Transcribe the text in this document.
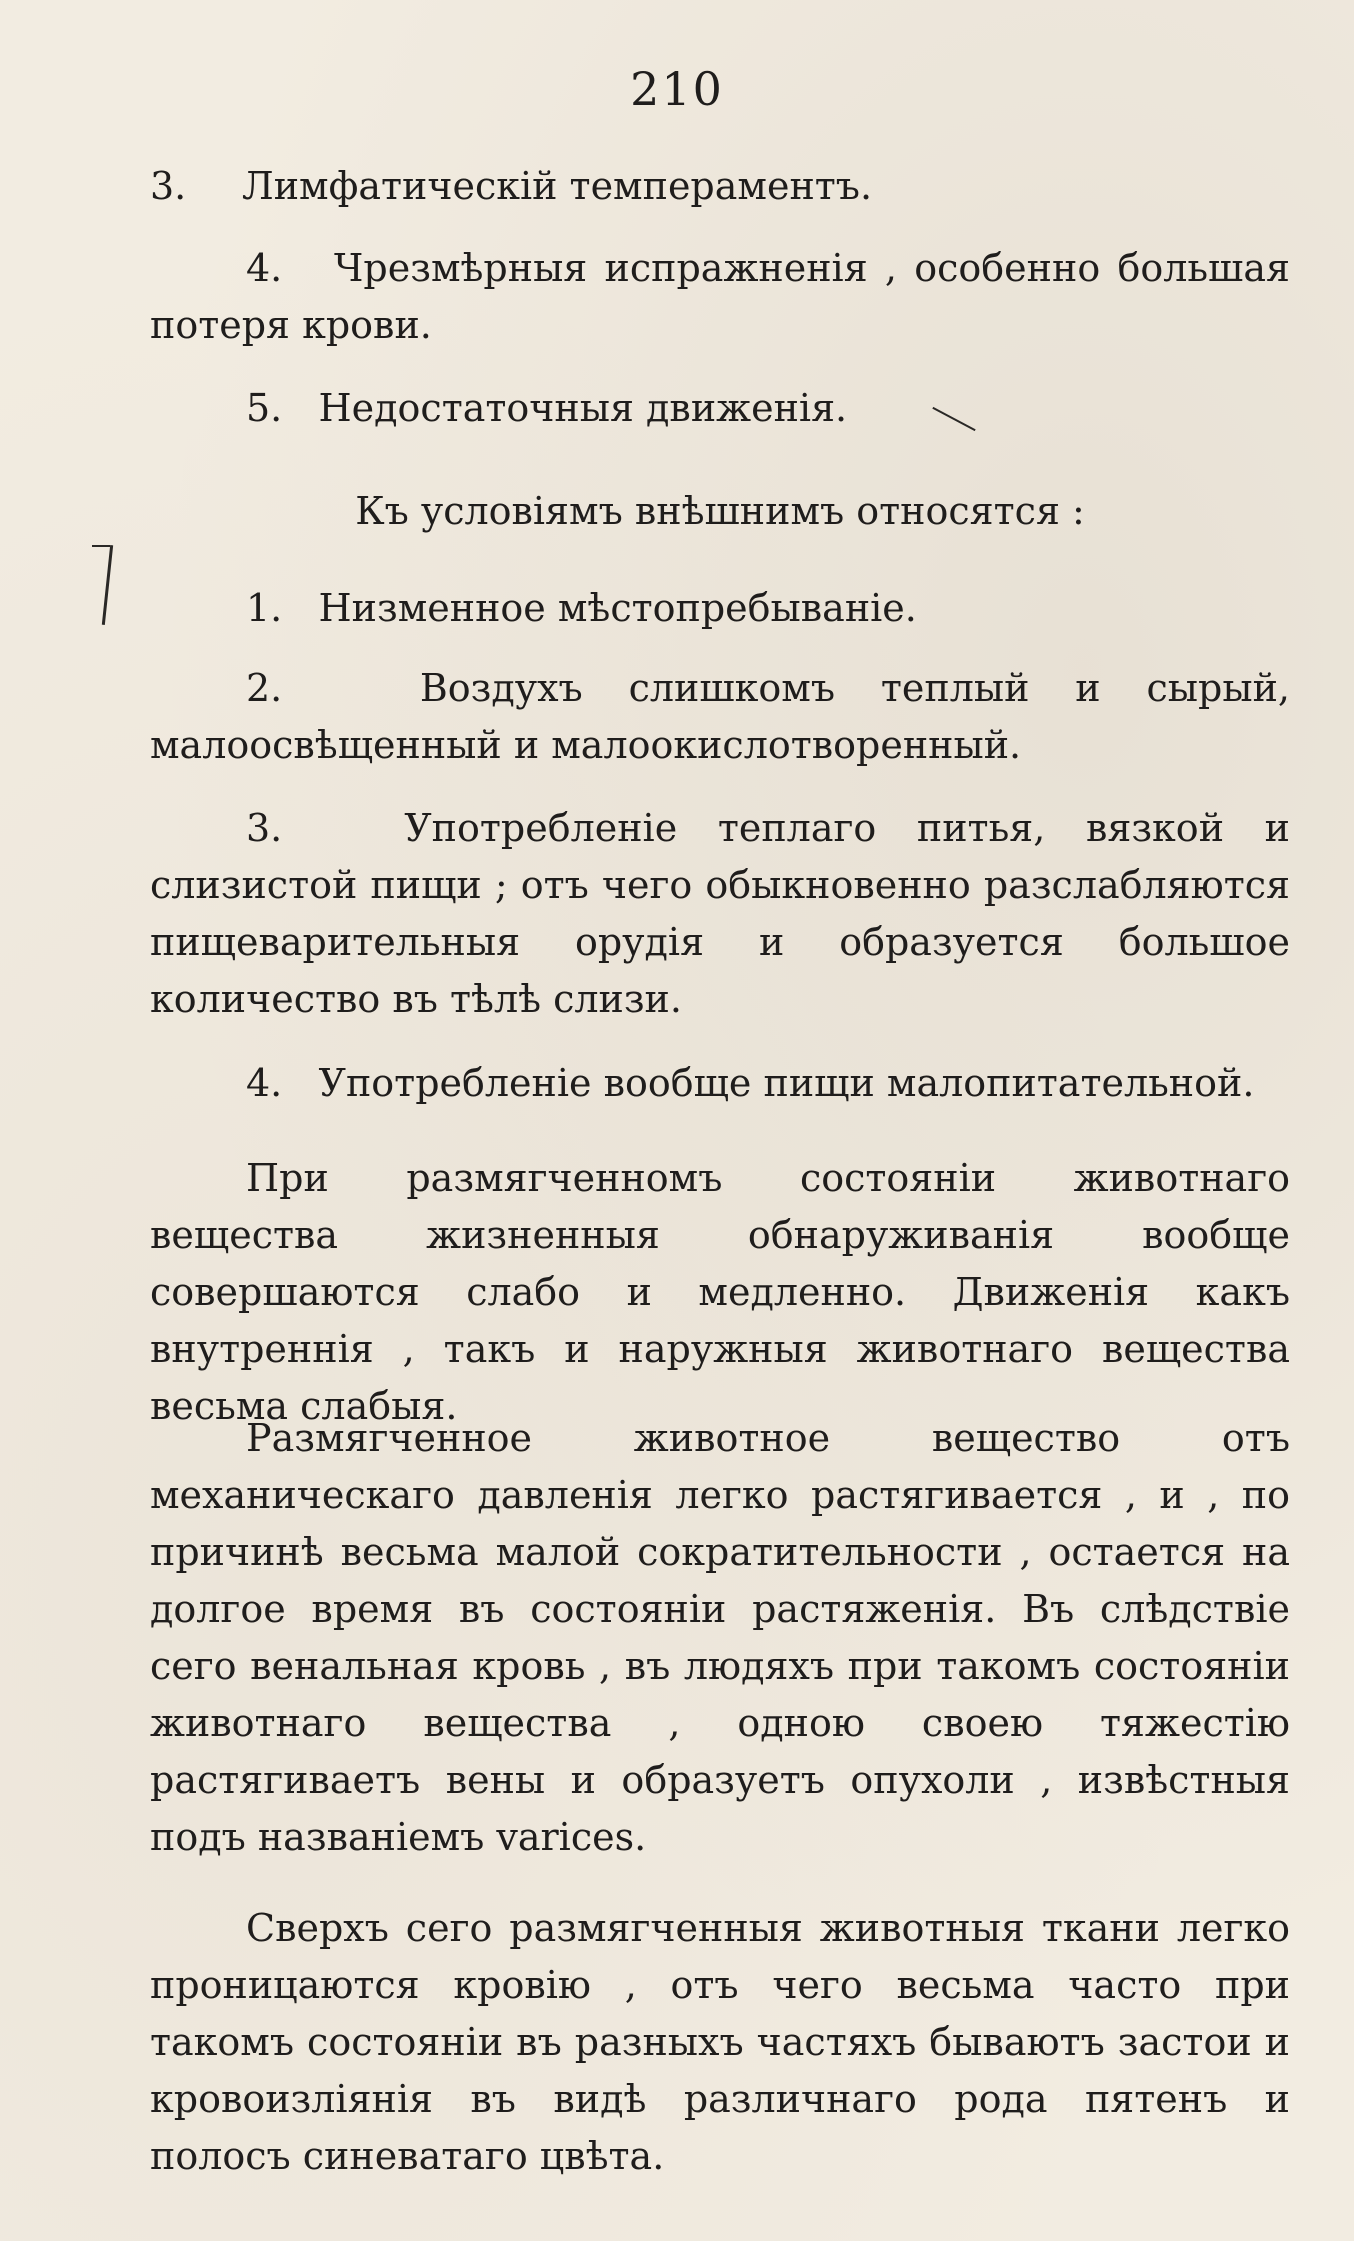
210
3. Лимфатическій темпераментъ.
4. Чрезмѣрныя испражненія , особенно большая потеря крови.
5. Недостаточныя движенія.
Къ условіямъ внѣшнимъ относятся :
1. Низменное мѣстопребываніе.
2.	Воздухъ слишкомъ теплый и сырый, малоосвѣщенный и малоокислотворенный.
3.	Употребленіе теплаго питья, вязкой и слизистой пищи ; отъ чего обыкновенно разслабляются пищеварительныя орудія и образуется большое количество въ тѣлѣ слизи.
4. Употребленіе вообще пищи малопитательной.
При размягченномъ состояніи животнаго вещества жизненныя обнаруживанія вообще совершаются слабо и медленно. Движенія какъ внутреннія , такъ и наружныя животнаго вещества весьма слабыя.
Размягченное животное вещество отъ механическаго давленія легко растягивается , и , по причинѣ весьма малой сократительности , остается на долгое время въ состояніи растяженія. Въ слѣдствіе сего венальная кровь , въ людяхъ при такомъ состояніи животнаго вещества , одною своею тяжестію растягиваетъ вены и образуетъ опухоли , извѣстныя подъ названіемъ varices.
Сверхъ сего размягченныя животныя ткани легко проницаются кровію , отъ чего весьма часто при такомъ состояніи въ разныхъ частяхъ бываютъ застои и кровоизліянія въ видѣ различнаго рода пятенъ и полосъ синеватаго цвѣта.
